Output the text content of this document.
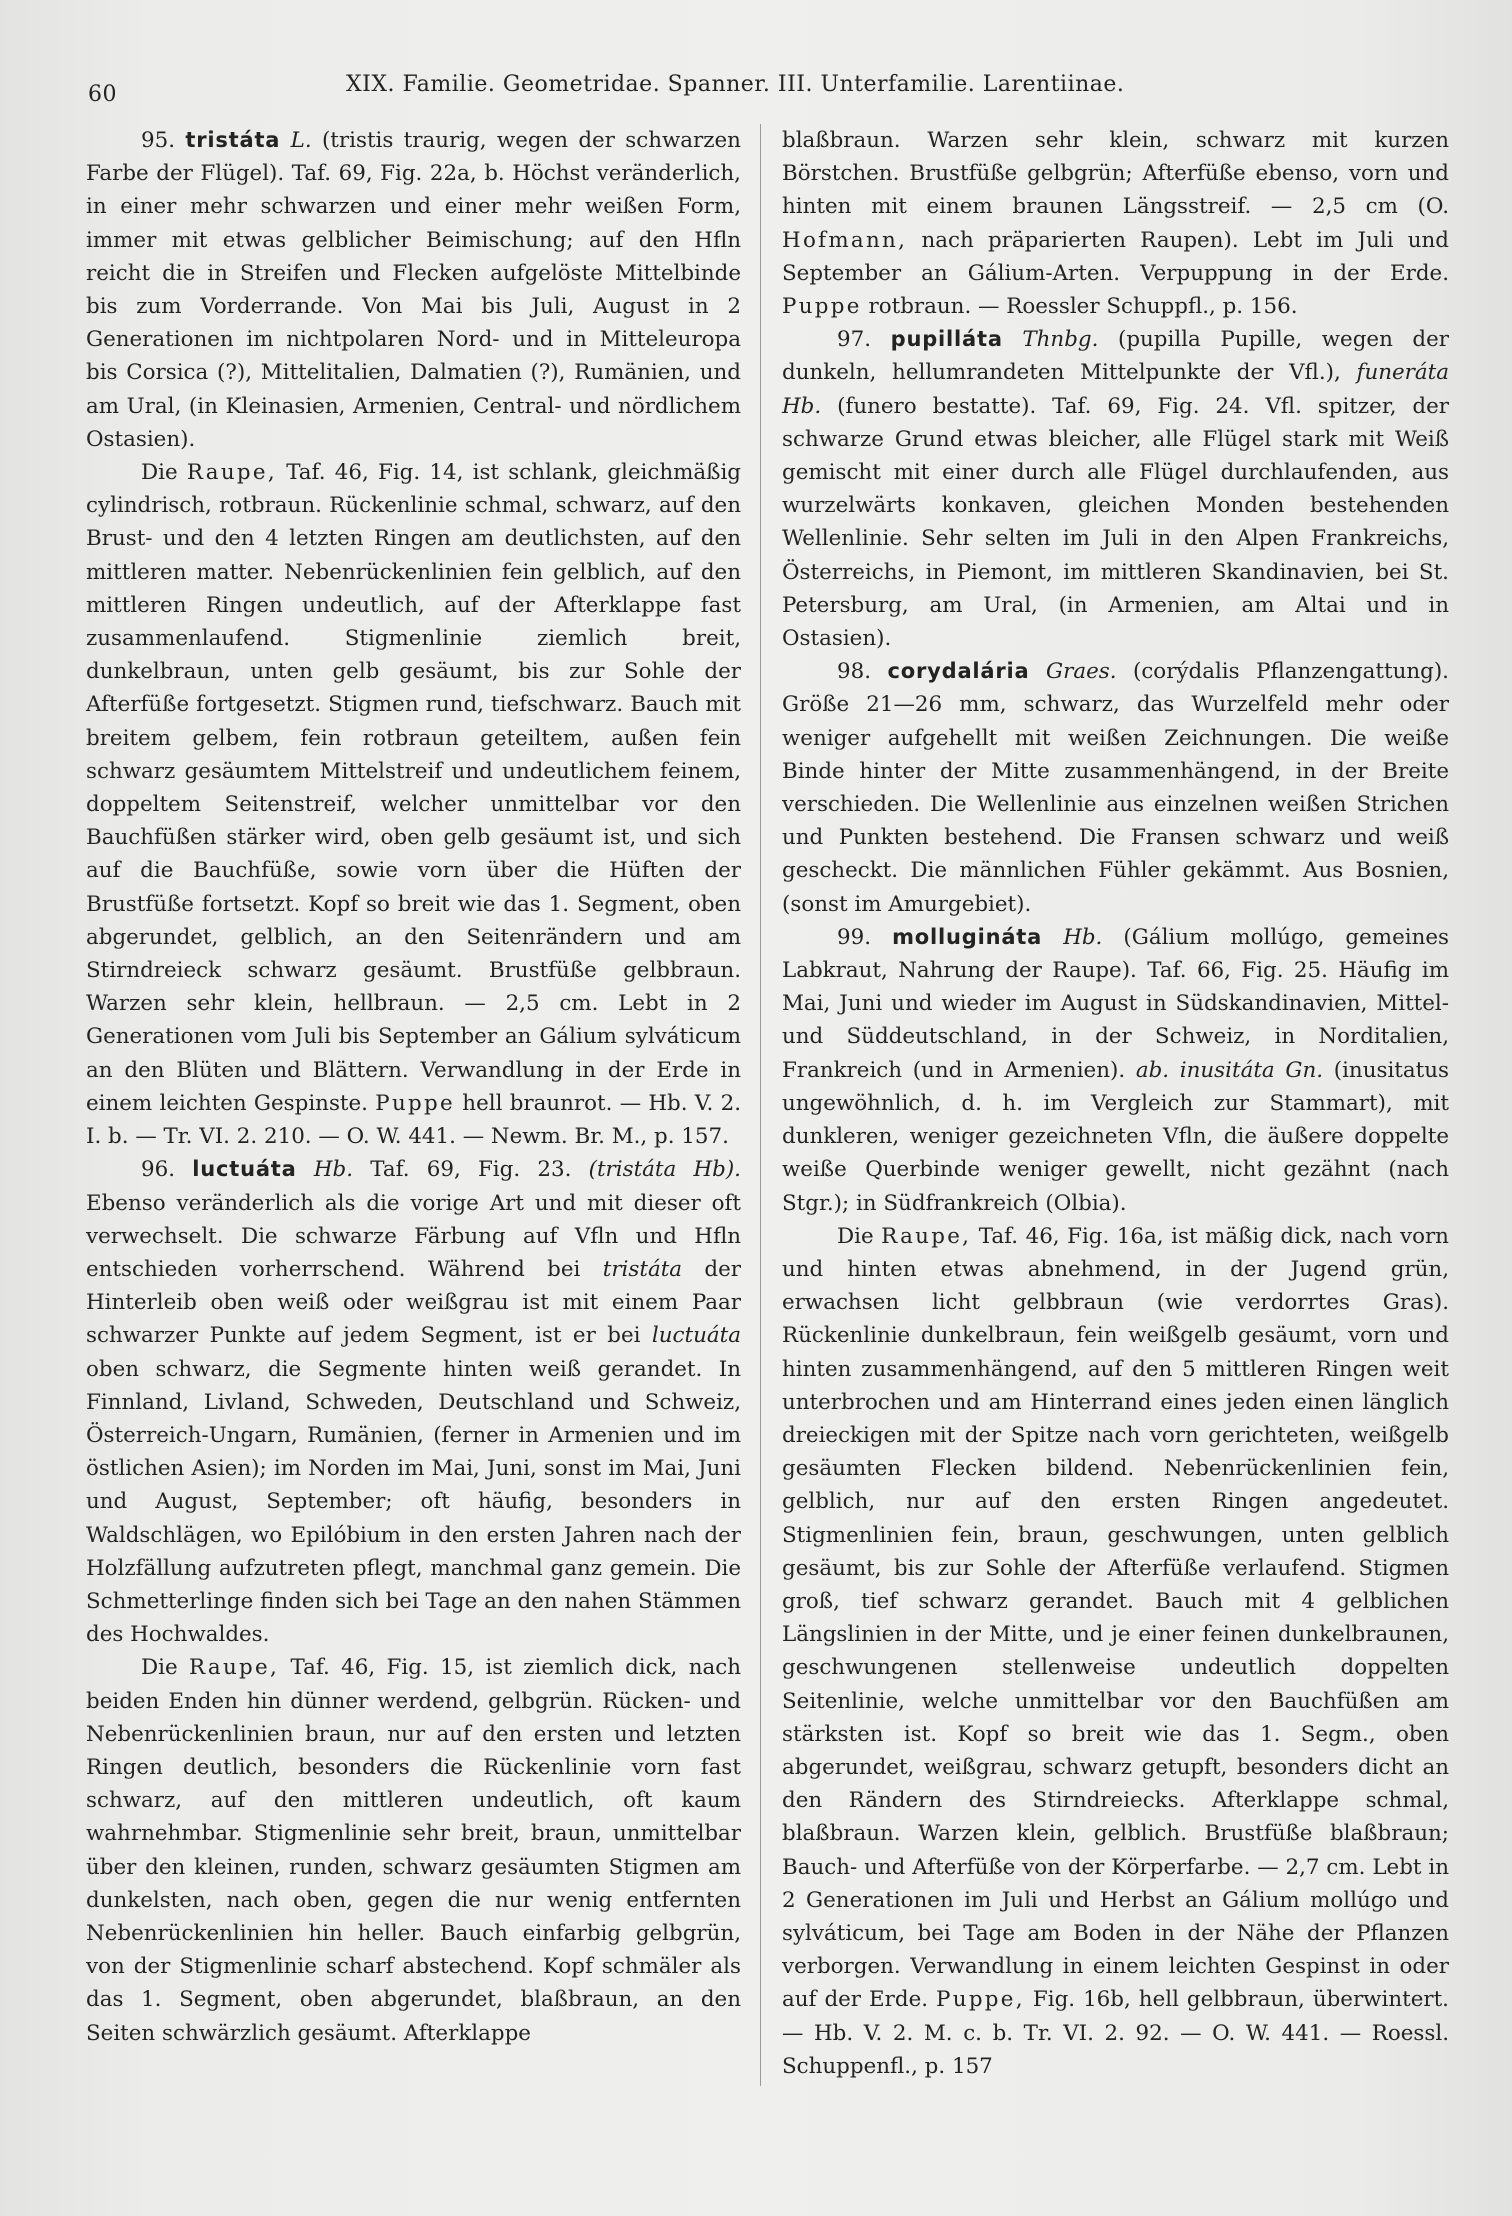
60	XIX. Familie. Geometridae. Spanner. III. Unterfamilie. Larentiinae.

95. tristáta L. (tristis traurig, wegen der schwarzen Farbe der Flügel). Taf. 69, Fig. 22a, b. Höchst veränderlich, in einer mehr schwarzen und einer mehr weißen Form, immer mit etwas gelblicher Beimischung; auf den Hfln reicht die in Streifen und Flecken aufgelöste Mittelbinde bis zum Vorderrande. Von Mai bis Juli, August in 2 Generationen im nichtpolaren Nord- und in Mitteleuropa bis Corsica (?), Mittelitalien, Dalmatien (?), Rumänien, und am Ural, (in Kleinasien, Armenien, Central- und nördlichem Ostasien).

Die Raupe, Taf. 46, Fig. 14, ist schlank, gleichmäßig cylindrisch, rotbraun. Rückenlinie schmal, schwarz, auf den Brust- und den 4 letzten Ringen am deutlichsten, auf den mittleren matter. Nebenrückenlinien fein gelblich, auf den mittleren Ringen undeutlich, auf der Afterklappe fast zusammenlaufend. Stigmenlinie ziemlich breit, dunkelbraun, unten gelb gesäumt, bis zur Sohle der Afterfüße fortgesetzt. Stigmen rund, tiefschwarz. Bauch mit breitem gelbem, fein rotbraun geteiltem, außen fein schwarz gesäumtem Mittelstreif und undeutlichem feinem, doppeltem Seitenstreif, welcher unmittelbar vor den Bauchfüßen stärker wird, oben gelb gesäumt ist, und sich auf die Bauchfüße, sowie vorn über die Hüften der Brustfüße fortsetzt. Kopf so breit wie das 1. Segment, oben abgerundet, gelblich, an den Seitenrändern und am Stirndreieck schwarz gesäumt. Brustfüße gelbbraun. Warzen sehr klein, hellbraun. — 2,5 cm. Lebt in 2 Generationen vom Juli bis September an Gálium sylváticum an den Blüten und Blättern. Verwandlung in der Erde in einem leichten Gespinste. Puppe hell braunrot. — Hb. V. 2. I. b. — Tr. VI. 2. 210. — O. W. 441. — Newm. Br. M., p. 157.

96. luctuáta Hb. Taf. 69, Fig. 23. (tristáta Hb). Ebenso veränderlich als die vorige Art und mit dieser oft verwechselt. Die schwarze Färbung auf Vfln und Hfln entschieden vorherrschend. Während bei tristáta der Hinterleib oben weiß oder weißgrau ist mit einem Paar schwarzer Punkte auf jedem Segment, ist er bei luctuáta oben schwarz, die Segmente hinten weiß gerandet. In Finnland, Livland, Schweden, Deutschland und Schweiz, Österreich-Ungarn, Rumänien, (ferner in Armenien und im östlichen Asien); im Norden im Mai, Juni, sonst im Mai, Juni und August, September; oft häufig, besonders in Waldschlägen, wo Epilóbium in den ersten Jahren nach der Holzfällung aufzutreten pflegt, manchmal ganz gemein. Die Schmetterlinge finden sich bei Tage an den nahen Stämmen des Hochwaldes.

Die Raupe, Taf. 46, Fig. 15, ist ziemlich dick, nach beiden Enden hin dünner werdend, gelbgrün. Rücken- und Nebenrückenlinien braun, nur auf den ersten und letzten Ringen deutlich, besonders die Rückenlinie vorn fast schwarz, auf den mittleren undeutlich, oft kaum wahrnehmbar. Stigmenlinie sehr breit, braun, unmittelbar über den kleinen, runden, schwarz gesäumten Stigmen am dunkelsten, nach oben, gegen die nur wenig entfernten Nebenrückenlinien hin heller. Bauch einfarbig gelbgrün, von der Stigmenlinie scharf abstechend. Kopf schmäler als das 1. Segment, oben abgerundet, blaßbraun, an den Seiten schwärzlich gesäumt. Afterklappe

blaßbraun. Warzen sehr klein, schwarz mit kurzen Börstchen. Brustfüße gelbgrün; Afterfüße ebenso, vorn und hinten mit einem braunen Längsstreif. — 2,5 cm (O. Hofmann, nach präparierten Raupen). Lebt im Juli und September an Gálium-Arten. Verpuppung in der Erde. Puppe rotbraun. — Roessler Schuppfl., p. 156.

97. pupilláta Thnbg. (pupilla Pupille, wegen der dunkeln, hellumrandeten Mittelpunkte der Vfl.), funeráta Hb. (funero bestatte). Taf. 69, Fig. 24. Vfl. spitzer, der schwarze Grund etwas bleicher, alle Flügel stark mit Weiß gemischt mit einer durch alle Flügel durchlaufenden, aus wurzelwärts konkaven, gleichen Monden bestehenden Wellenlinie. Sehr selten im Juli in den Alpen Frankreichs, Österreichs, in Piemont, im mittleren Skandinavien, bei St. Petersburg, am Ural, (in Armenien, am Altai und in Ostasien).

98. corydalária Graes. (corýdalis Pflanzengattung). Größe 21—26 mm, schwarz, das Wurzelfeld mehr oder weniger aufgehellt mit weißen Zeichnungen. Die weiße Binde hinter der Mitte zusammenhängend, in der Breite verschieden. Die Wellenlinie aus einzelnen weißen Strichen und Punkten bestehend. Die Fransen schwarz und weiß gescheckt. Die männlichen Fühler gekämmt. Aus Bosnien, (sonst im Amurgebiet).

99. mollugináta Hb. (Gálium mollúgo, gemeines Labkraut, Nahrung der Raupe). Taf. 66, Fig. 25. Häufig im Mai, Juni und wieder im August in Südskandinavien, Mittel- und Süddeutschland, in der Schweiz, in Norditalien, Frankreich (und in Armenien). ab. inusitáta Gn. (inusitatus ungewöhnlich, d. h. im Vergleich zur Stammart), mit dunkleren, weniger gezeichneten Vfln, die äußere doppelte weiße Querbinde weniger gewellt, nicht gezähnt (nach Stgr.); in Südfrankreich (Olbia).

Die Raupe, Taf. 46, Fig. 16a, ist mäßig dick, nach vorn und hinten etwas abnehmend, in der Jugend grün, erwachsen licht gelbbraun (wie verdorrtes Gras). Rückenlinie dunkelbraun, fein weißgelb gesäumt, vorn und hinten zusammenhängend, auf den 5 mittleren Ringen weit unterbrochen und am Hinterrand eines jeden einen länglich dreieckigen mit der Spitze nach vorn gerichteten, weißgelb gesäumten Flecken bildend. Nebenrückenlinien fein, gelblich, nur auf den ersten Ringen angedeutet. Stigmenlinien fein, braun, geschwungen, unten gelblich gesäumt, bis zur Sohle der Afterfüße verlaufend. Stigmen groß, tief schwarz gerandet. Bauch mit 4 gelblichen Längslinien in der Mitte, und je einer feinen dunkelbraunen, geschwungenen stellenweise undeutlich doppelten Seitenlinie, welche unmittelbar vor den Bauchfüßen am stärksten ist. Kopf so breit wie das 1. Segm., oben abgerundet, weißgrau, schwarz getupft, besonders dicht an den Rändern des Stirndreiecks. Afterklappe schmal, blaßbraun. Warzen klein, gelblich. Brustfüße blaßbraun; Bauch- und Afterfüße von der Körperfarbe. — 2,7 cm. Lebt in 2 Generationen im Juli und Herbst an Gálium mollúgo und sylváticum, bei Tage am Boden in der Nähe der Pflanzen verborgen. Verwandlung in einem leichten Gespinst in oder auf der Erde. Puppe, Fig. 16b, hell gelbbraun, überwintert. — Hb. V. 2. M. c. b. Tr. VI. 2. 92. — O. W. 441. — Roessl. Schuppenfl., p. 157
